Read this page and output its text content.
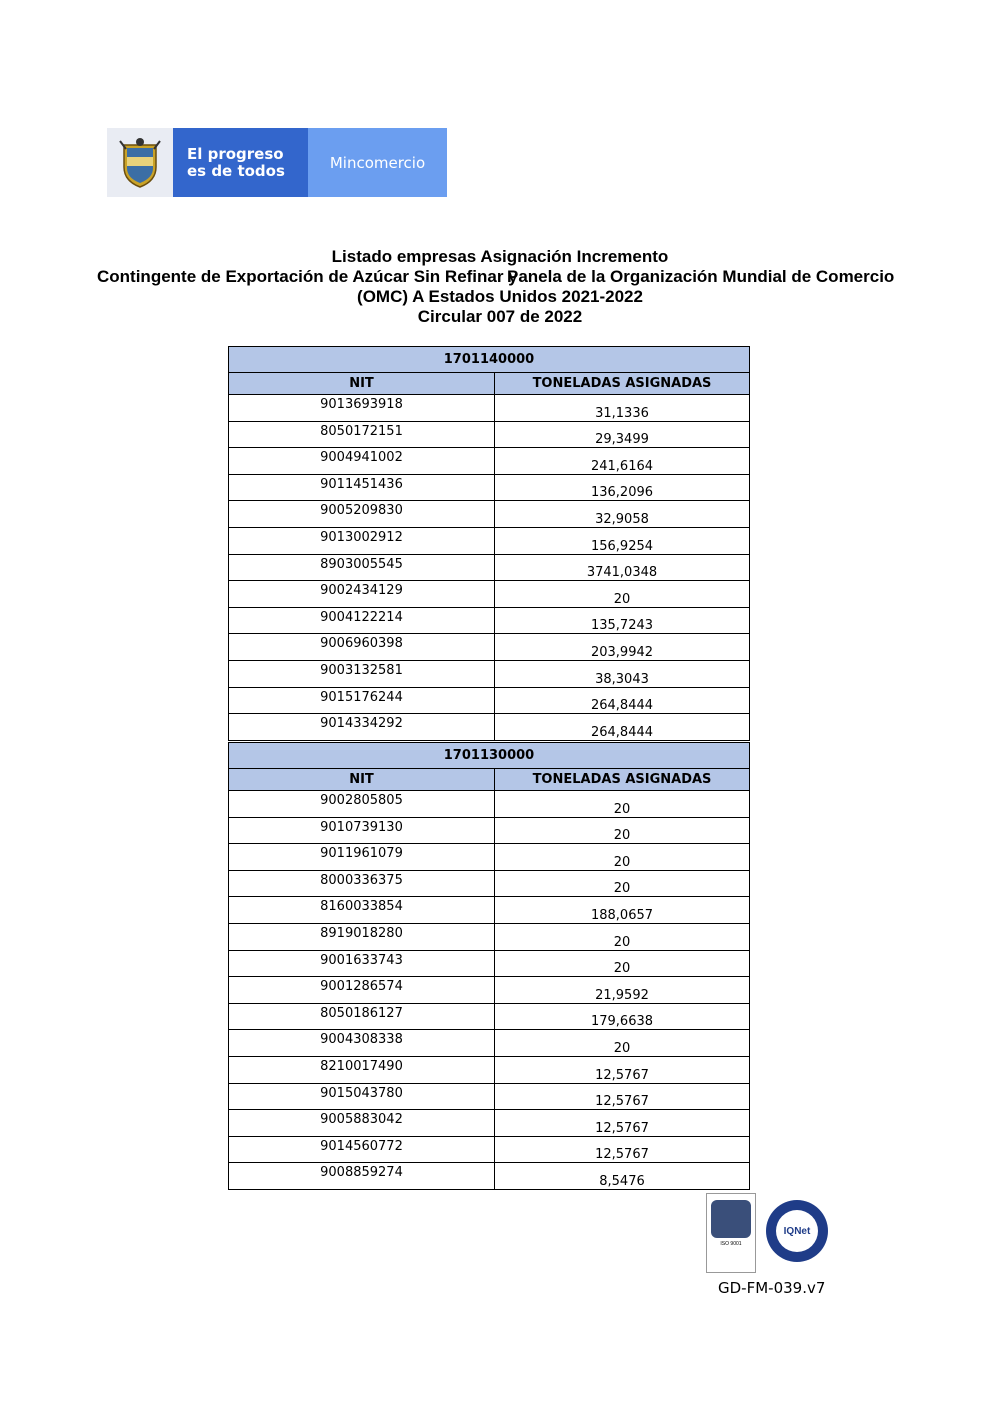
El progreso
es de todos	Mincomercio
Listado empresas Asignación Incremento
Contingente de Exportación de Azúcar Sin Refinar y
Panela de la Organización Mundial de Comercio
(OMC) A Estados Unidos 2021-2022
Circular 007 de 2022
1701140000	
NIT	TONELADAS ASIGNADAS
9013693918	31,1336
8050172151	29,3499
9004941002	241,6164
9011451436	136,2096
9005209830	32,9058
9013002912	156,9254
8903005545	3741,0348
9002434129	20
9004122214	135,7243
9006960398	203,9942
9003132581	38,3043
9015176244	264,8444
9014334292	264,8444
1701130000	
NIT	TONELADAS ASIGNADAS
9002805805	20
9010739130	20
9011961079	20
8000336375	20
8160033854	188,0657
8919018280	20
9001633743	20
9001286574	21,9592
8050186127	179,6638
9004308338	20
8210017490	12,5767
9015043780	12,5767
9005883042	12,5767
9014560772	12,5767
9008859274	8,5476
ISO 9001
IQNet
GD-FM-039.v7
